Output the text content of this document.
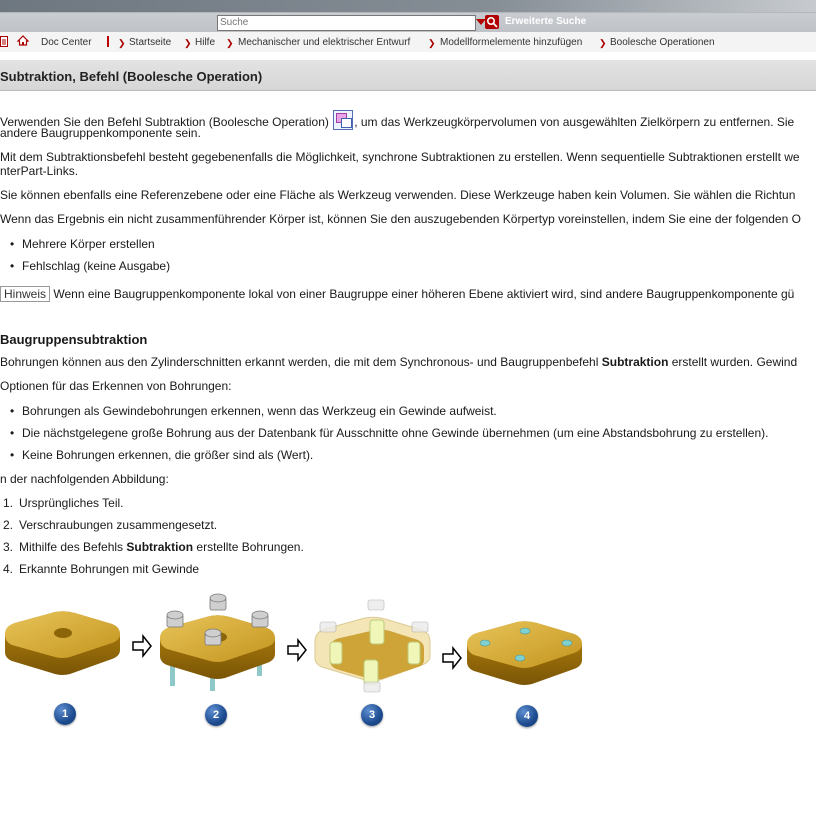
Suche
Erweiterte Suche
Doc Center	❯ Startseite ❯ Hilfe ❯ Mechanischer und elektrischer Entwurf ❯ Modellformelemente hinzufügen ❯ Boolesche Operationen
Subtraktion, Befehl (Boolesche Operation)
Verwenden Sie den Befehl Subtraktion (Boolesche Operation) , um das Werkzeugkörpervolumen von ausgewählten Zielkörpern zu entfernen. Sie
andere Baugruppenkomponente sein.
Mit dem Subtraktionsbefehl besteht gegebenenfalls die Möglichkeit, synchrone Subtraktionen zu erstellen. Wenn sequentielle Subtraktionen erstellt we
nterPart-Links.
Sie können ebenfalls eine Referenzebene oder eine Fläche als Werkzeug verwenden. Diese Werkzeuge haben kein Volumen. Sie wählen die Richtun
Wenn das Ergebnis ein nicht zusammenführender Körper ist, können Sie den auszugebenden Körpertyp voreinstellen, indem Sie eine der folgenden O
• Mehrere Körper erstellen
• Fehlschlag (keine Ausgabe)
Hinweis Wenn eine Baugruppenkomponente lokal von einer Baugruppe einer höheren Ebene aktiviert wird, sind andere Baugruppenkomponente gü
Baugruppensubtraktion
Bohrungen können aus den Zylinderschnitten erkannt werden, die mit dem Synchronous- und Baugruppenbefehl Subtraktion erstellt wurden. Gewind
Optionen für das Erkennen von Bohrungen:
• Bohrungen als Gewindebohrungen erkennen, wenn das Werkzeug ein Gewinde aufweist.
• Die nächstgelegene große Bohrung aus der Datenbank für Ausschnitte ohne Gewinde übernehmen (um eine Abstandsbohrung zu erstellen).
• Keine Bohrungen erkennen, die größer sind als (Wert).
n der nachfolgenden Abbildung:
1. Ursprüngliches Teil.
2. Verschraubungen zusammengesetzt.
3. Mithilfe des Befehls Subtraktion erstellte Bohrungen.
4. Erkannte Bohrungen mit Gewinde
1	2	3	4
